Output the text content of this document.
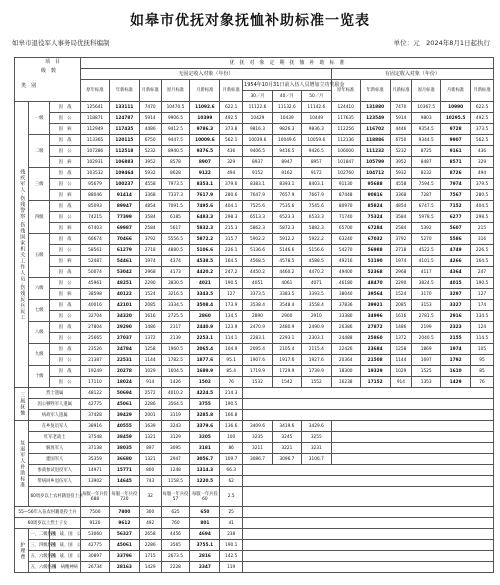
如皋市优抚对象抚恤补助标准一览表
如皋市退役军人事务局优抚科编制	单位：元　2024年8月1日起执行
项　目
级　数
类　别			优　抚　对　象　定　期　抚　恤　补　助　标　准														
			无固定收入对象（年份）									有固定收入对象（年份）					
			原年标准	年新标准	月新标准	原月标准	月新标准	月新标准	1954年10月31日前入伍人员增加立功奖励金			原年标准	年新标准	月新标准	原月标准	月新标准	月新标准
									30／月	40／月	50／月						
残疾军人·伤残警察·伤残国家机关工作人员·伤残民兵民工	一级	因　战	125641	133111	7470	10470.5	11092.6	622.1	11122.6	11132.6	11142.6	124410	131880	7470	10367.5	10990	622.5
		因　公	118871	124787	5914	9906.5	10399	492.5	10429	10439	10449	117635	123549	5914	9803	10295.5	492.5
		因　病	112949	117435	4486	9412.5	9786.3	373.8	9816.3	9826.3	9836.3	112256	116702	4446	9354.5	9728	373.5
	二级	因　战	113365	120115	6750	9447.5	10009.6	562.1	10039.6	10049.6	10059.6	112136	118886	6750	9344.5	9907	562.5
		因　公	107286	112518	5232	8940.5	9376.5	436	9406.5	9416.5	9426.5	106000	111232	5232	8725	9161	436
		因　病	102931	106883	3952	8578	8907	329	8937	8947	8957	101847	105799	3952	8487	8571	329
	三级	因　战	103532	109464	5932	8628	9122	494	9152	9162	9172	102760	104712	5932	8232	8726	494
		因　公	95679	100237	4558	7973.5	8353.1	379.6	8383.1	8393.1	8403.1	91130	95688	4558	7594.5	7974	379.5
		因　病	88046	91414	3368	7337.3	7617.9	280.6	7647.9	7657.9	7667.9	87448	90816	3368	7287	7567	280.5
	四级	因　战	85093	89947	4854	7091.5	7495.6	404.1	7525.6	7535.6	7545.6	80970	85824	4854	6747.5	7152	404.5
		因　公	74215	77399	3584	6185	6483.3	298.3	6513.3	6523.3	6533.3	71740	75324	3584	5978.5	6277	298.5
		因　病	67403	69987	2584	5617	5832.3	215.3	5862.3	5872.3	5882.3	65700	67284	2584	5392	5607	215
	五级	因　战	66674	70466	3792	5556.5	5872.2	315.7	5902.2	5912.2	5922.2	63240	67032	3792	5270	5586	316
		因　公	58561	61279	2718	4880.5	5106.6	226.1	5136.6	5146.6	5156.6	54270	56988	2718	4522.5	4749	226.5
		因　病	52487	54461	1974	4374	4538.5	164.5	4568.5	4578.5	4588.5	49216	51190	1974	4101.5	4266	164.5
		因　战	50074	53042	2968	4173	4420.2	247.2	4450.2	4460.2	4470.2	49400	52368	2968	4117	4364	247
	六级	因　公	45961	48251	2290	3830.5	4021	190.5	4051	4061	4071	46180	48470	2290	3824.5	4015	190.5
		因　病	38598	40122	1524	3216.5	3343.5	127	3373.5	3383.5	3393.5	38040	39564	1524	3170	3297	127
	七级	因　战	40016	42101	2085	3334.5	3508.4	173.9	3538.4	3548.4	3558.4	37836	39921	2085	3153	3327	174
		因　公	32704	34320	1616	2725.5	2860	134.5	2890	2900	2910	33380	34996	1616	2781.5	2916	134.5
	八级	因　战	27804	29290	1486	2317	2440.9	123.9	2470.9	2480.9	2490.9	26386	27872	1486	2199	2323	124
		因　公	25665	27037	1372	2139	2253.1	114.1	2283.1	2293.1	2303.1	24488	25860	1372	2040.5	2155	114.5
	九级	因　战	23526	24784	1258	1960.5	2065.4	104.9	2095.4	2105.4	2115.4	22426	23684	1258	1869	1974	105
		因　公	21387	22531	1144	1782.5	1877.6	95.1	1907.6	1917.6	1927.6	20364	21508	1144	1697	1792	95
	十级	因　战	19249	20278	1029	1604.5	1689.9	85.4	1719.9	1729.9	1739.9	18300	19329	1029	1525	1610	85
		因　公	17110	18024	914	1426	1502	76	1532	1542	1552	16238	17152	914	1353	1429	76
三属抚恤	烈士遗属		48122	50694	2572	4010.2	4224.5	214.3									
	因公牺牲军人遗属		42775	45061	2286	3564.5	3755	190.5									
	病故军人遗属		37428	39429	2001	3119	3285.8	166.8									
复退军人补助标准	在乡复员军人		38916	40555	1639	3243	3379.6	136.6	3409.6	3419.6	3429.6						
	红军老战士		37548	38459	1321	3129	3205	100	3235	3245	3255						
	解放军人		37138	38035	897	3095	3181	86	3211	3221	3231						
	建国军人		35359	36680	1321	2947	3056.7	109.7	3086.7	3096.7	3106.7						
	参战参试退役军人		14971	15771	800	1248	1314.3	66.3									
	带病回乡退伍军人		13902	14645	743	1158.5	1220.5	62									
	60周岁以上农村籍退役士兵		每服一年兵役688	每服一年兵役720	32	每服一年兵役57	每服一年兵役60	2.5									
55—56年入伍农村籍退役士兵			7500	7800	300	625	650	25									
60周岁以上烈士子女			9120	9612	492	760	801	41									
护理费	一、二级伤残	国　战、国　公	53060	56327	2658	4456	4694	238									
	三、四级伤残	国　战、国　公	42775	45061	2286	3565	3755.1	190.1									
	五、六级伤残	国　战、国　公	30897	33796	1715	2673.5	2816	142.5									
	五、六级伤残	国　病精神病	26734	28163	1429	2228	2347	119									
